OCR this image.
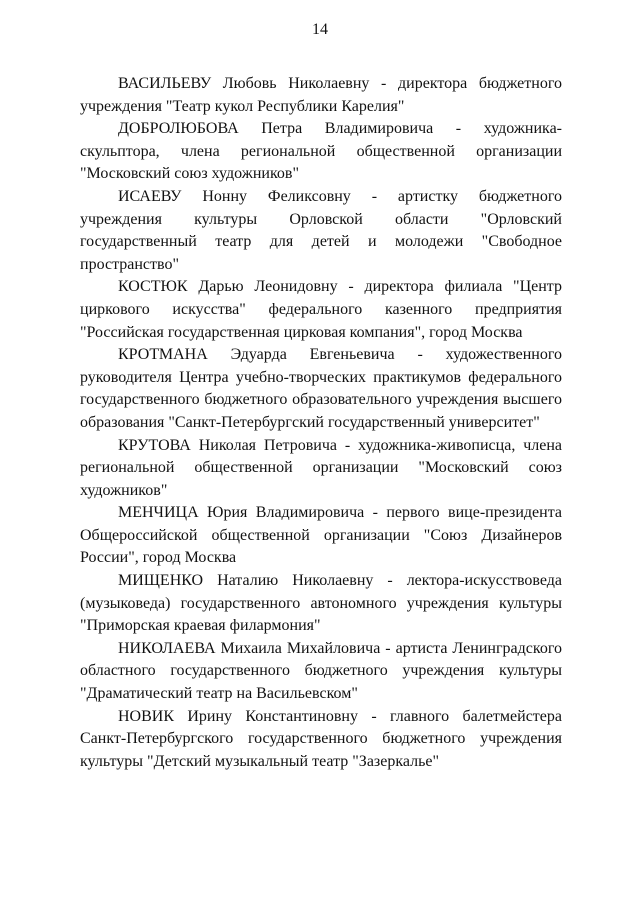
14

ВАСИЛЬЕВУ Любовь Николаевну - директора бюджетного учреждения "Театр кукол Республики Карелия"

ДОБРОЛЮБОВА Петра Владимировича - художника-скульптора, члена региональной общественной организации "Московский союз художников"

ИСАЕВУ Нонну Феликсовну - артистку бюджетного учреждения культуры Орловской области "Орловский государственный театр для детей и молодежи "Свободное пространство"

КОСТЮК Дарью Леонидовну - директора филиала "Центр циркового искусства" федерального казенного предприятия "Российская государственная цирковая компания", город Москва

КРОТМАНА Эдуарда Евгеньевича - художественного руководителя Центра учебно-творческих практикумов федерального государственного бюджетного образовательного учреждения высшего образования "Санкт-Петербургский государственный университет"

КРУТОВА Николая Петровича - художника-живописца, члена региональной общественной организации "Московский союз художников"

МЕНЧИЦА Юрия Владимировича - первого вице-президента Общероссийской общественной организации "Союз Дизайнеров России", город Москва

МИЩЕНКО Наталию Николаевну - лектора-искусствоведа (музыковеда) государственного автономного учреждения культуры "Приморская краевая филармония"

НИКОЛАЕВА Михаила Михайловича - артиста Ленинградского областного государственного бюджетного учреждения культуры "Драматический театр на Васильевском"

НОВИК Ирину Константиновну - главного балетмейстера Санкт-Петербургского государственного бюджетного учреждения культуры "Детский музыкальный театр "Зазеркалье"
